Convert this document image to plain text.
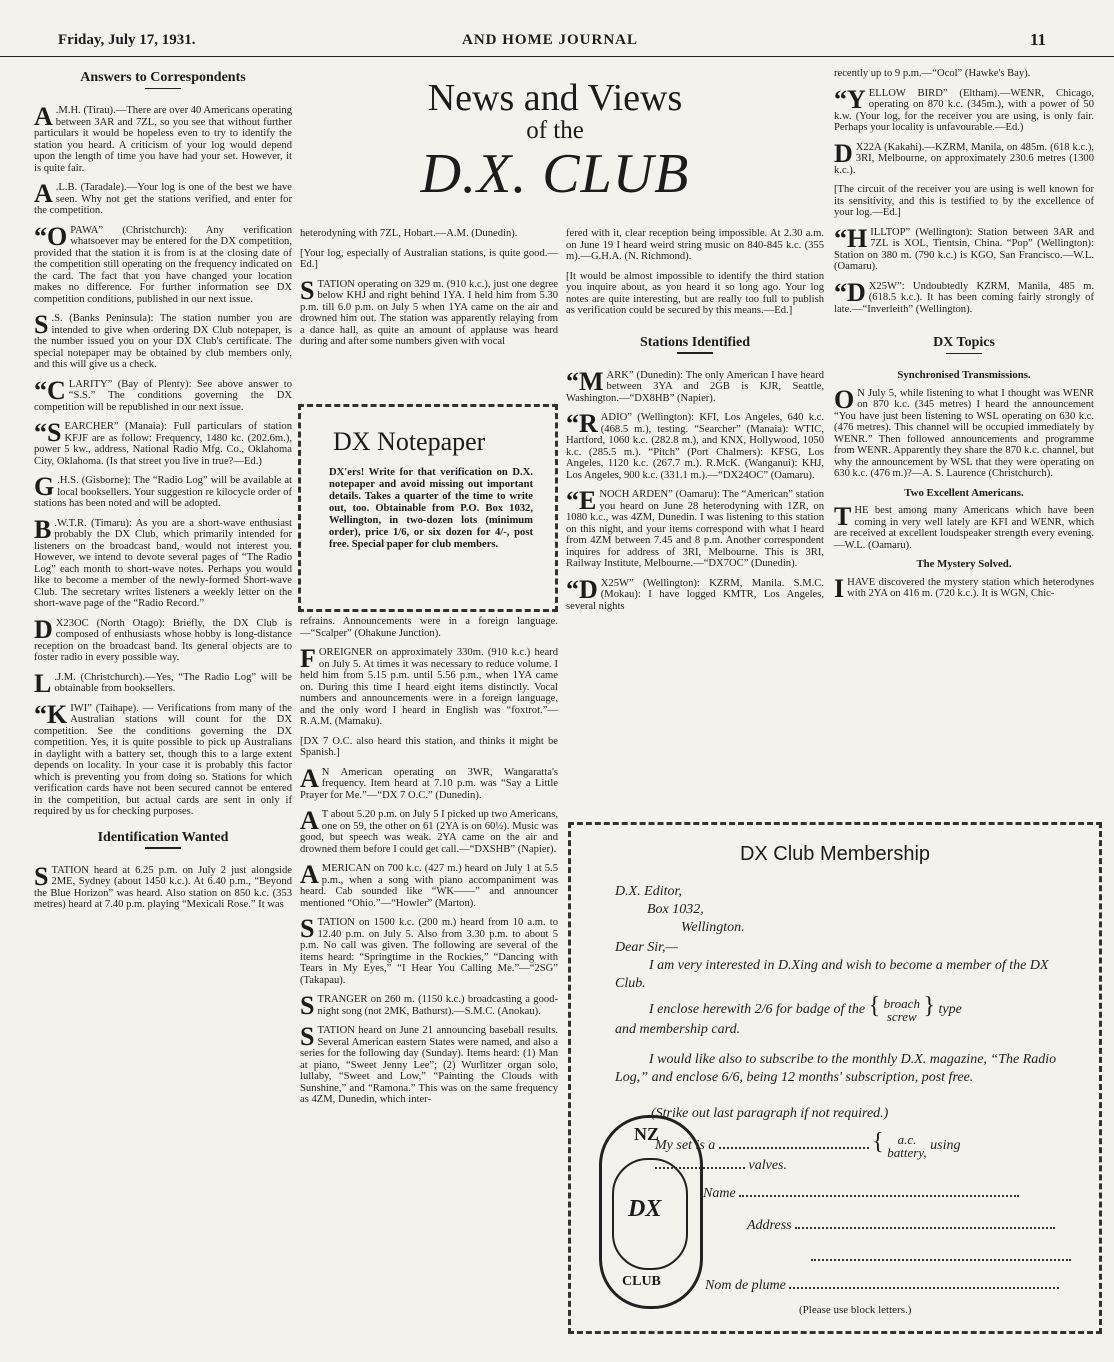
Friday, July 17, 1931.	AND HOME JOURNAL	11
News and Views
of the
D.X. CLUB
Answers to Correspondents

A .M.H. (Tirau).—There are over 40 Americans operating between 3AR and 7ZL, so you see that without further particulars it would be hopeless even to try to identify the station you heard. A criticism of your log would depend upon the length of time you have had your set. However, it is quite fair.

A .L.B. (Taradale).—Your log is one of the best we have seen. Why not get the stations verified, and enter for the competition.

“OPAWA” (Christchurch): Any verification whatsoever may be entered for the DX competition, provided that the station it is from is at the closing date of the competition still operating on the frequency indicated on the card. The fact that you have changed your location makes no difference. For further information see DX competition conditions, published in our next issue.

S .S. (Banks Peninsula): The station number you are intended to give when ordering DX Club notepaper, is the number issued you on your DX Club's certificate. The special notepaper may be obtained by club members only, and this will give us a check.

“CLARITY” (Bay of Plenty): See above answer to “S.S.” The conditions governing the DX competition will be republished in our next issue.

“SEARCHER” (Manaia): Full particulars of station KFJF are as follow: Frequency, 1480 kc. (202.6m.), power 5 kw., address, National Radio Mfg. Co., Oklahoma City, Oklahoma. (Is that street you live in true?—Ed.)

G .H.S. (Gisborne): The “Radio Log” will be available at local booksellers. Your suggestion re kilocycle order of stations has been noted and will be adopted.

B .W.T.R. (Timaru): As you are a short-wave enthusiast probably the DX Club, which primarily intended for listeners on the broadcast band, would not interest you. However, we intend to devote several pages of “The Radio Log” each month to short-wave notes. Perhaps you would like to become a member of the newly-formed Short-wave Club. The secretary writes listeners a weekly letter on the short-wave page of the “Radio Record.”

D X23OC (North Otago): Briefly, the DX Club is composed of enthusiasts whose hobby is long-distance reception on the broadcast band. Its general objects are to foster radio in every possible way.

L .J.M. (Christchurch).—Yes, “The Radio Log” will be obtainable from booksellers.

“KIWI” (Taihape). — Verifications from many of the Australian stations will count for the DX competition. See the conditions governing the DX competition. Yes, it is quite possible to pick up Australians in daylight with a battery set, though this to a large extent depends on locality. In your case it is probably this factor which is preventing you from doing so. Stations for which verification cards have not been secured cannot be entered in the competition, but actual cards are sent in only if required by us for checking purposes.

Identification Wanted

STATION heard at 6.25 p.m. on July 2 just alongside 2ME, Sydney (about 1450 k.c.). At 6.40 p.m., “Beyond the Blue Horizon” was heard. Also station on 850 k.c. (353 metres) heard at 7.40 p.m. playing “Mexicali Rose.” It was

heterodyning with 7ZL, Hobart.—A.M. (Dunedin).

[Your log, especially of Australian stations, is quite good.—Ed.]

STATION operating on 329 m. (910 k.c.), just one degree below KHJ and right behind 1YA. I held him from 5.30 p.m. till 6.0 p.m. on July 5 when 1YA came on the air and drowned him out. The station was apparently relaying from a dance hall, as quite an amount of applause was heard during and after some numbers given with vocal

refrains. Announcements were in a foreign language.—“Scalper” (Ohakune Junction).

FOREIGNER on approximately 330m. (910 k.c.) heard on July 5. At times it was necessary to reduce volume. I held him from 5.15 p.m. until 5.56 p.m., when 1YA came on. During this time I heard eight items distinctly. Vocal numbers and announcements were in a foreign language, and the only word I heard in English was “foxtrot.”—R.A.M. (Mamaku).

[DX 7 O.C. also heard this station, and thinks it might be Spanish.]

A N American operating on 3WR, Wangaratta's frequency. Item heard at 7.10 p.m. was “Say a Little Prayer for Me.”—“DX 7 O.C.” (Dunedin).

A T about 5.20 p.m. on July 5 I picked up two Americans, one on 59, the other on 61 (2YA is on 60½). Music was good, but speech was weak. 2YA came on the air and drowned them before I could get call.—“DXSHB” (Napier).

AMERICAN on 700 k.c. (427 m.) heard on July 1 at 5.5 p.m., when a song with piano accompaniment was heard. Cab sounded like “WK——” and announcer mentioned “Ohio.”—“Howler” (Marton).

STATION on 1500 k.c. (200 m.) heard from 10 a.m. to 12.40 p.m. on July 5. Also from 3.30 p.m. to about 5 p.m. No call was given. The following are several of the items heard: “Springtime in the Rockies,” “Dancing with Tears in My Eyes,” “I Hear You Calling Me.”—“2SG” (Takapau).

STRANGER on 260 m. (1150 k.c.) broadcasting a good-night song (not 2MK, Bathurst).—S.M.C. (Anokau).

STATION heard on June 21 announcing baseball results. Several American eastern States were named, and also a series for the following day (Sunday). Items heard: (1) Man at piano, “Sweet Jenny Lee”; (2) Wurlitzer organ solo, lullaby, “Sweet and Low,” “Painting the Clouds with Sunshine,” and “Ramona.” This was on the same frequency as 4ZM, Dunedin, which inter-

DX Notepaper
DX'ers! Write for that verification on D.X. notepaper and avoid missing out important details. Takes a quarter of the time to write out, too. Obtainable from P.O. Box 1032, Wellington, in two-dozen lots (minimum order), price 1/6, or six dozen for 4/-, post free. Special paper for club members.

fered with it, clear reception being impossible. At 2.30 a.m. on June 19 I heard weird string music on 840-845 k.c. (355 m).—G.H.A. (N. Richmond).

[It would be almost impossible to identify the third station you inquire about, as you heard it so long ago. Your log notes are quite interesting, but are really too full to publish as verification could be secured by this means.—Ed.]

Stations Identified

“MARK” (Dunedin): The only American I have heard between 3YA and 2GB is KJR, Seattle, Washington.—“DX8HB” (Napier).

“RADIO” (Wellington): KFI, Los Angeles, 640 k.c. (468.5 m.), testing. “Searcher” (Manaia): WTIC, Hartford, 1060 k.c. (282.8 m.), and KNX, Hollywood, 1050 k.c. (285.5 m.). “Pitch” (Port Chalmers): KFSG, Los Angeles, 1120 k.c. (267.7 m.). R.McK. (Wanganui): KHJ, Los Angeles, 900 k.c. (331.1 m.).—“DX24OC” (Oamaru).

“ENOCH ARDEN” (Oamaru): The “American” station you heard on June 28 heterodyning with 1ZR, on 1080 k.c., was 4ZM, Dunedin. I was listening to this station on this night, and your items correspond with what I heard from 4ZM between 7.45 and 8 p.m. Another correspondent inquires for address of 3RI, Melbourne. This is 3RI, Railway Institute, Melbourne.—“DX7OC” (Dunedin).

“D X25W” (Wellington): KZRM, Manila. S.M.C. (Mokau): I have logged KMTR, Los Angeles, several nights

recently up to 9 p.m.—“Ocol” (Hawke's Bay).

“YELLOW BIRD” (Eltham).—WENR, Chicago, operating on 870 k.c. (345m.), with a power of 50 k.w. (Your log, for the receiver you are using, is only fair. Perhaps your locality is unfavourable.—Ed.)

D X22A (Kakahi).—KZRM, Manila, on 485m. (618 k.c.), 3RI, Melbourne, on approximately 230.6 metres (1300 k.c.).

[The circuit of the receiver you are using is well known for its sensitivity, and this is testified to by the excellence of your log.—Ed.]

“HILLTOP” (Wellington): Station between 3AR and 7ZL is XOL, Tientsin, China. “Pop” (Wellington): Station on 380 m. (790 k.c.) is KGO, San Francisco.—W.L. (Oamaru).

“D X25W”: Undoubtedly KZRM, Manila, 485 m. (618.5 k.c.). It has been coming fairly strongly of late.—“Inverleith” (Wellington).

DX Topics
Synchronised Transmissions.

O N July 5, while listening to what I thought was WENR on 870 k.c. (345 metres) I heard the announcement “You have just been listening to WSL operating on 630 k.c. (476 metres). This channel will be occupied immediately by WENR.” Then followed announcements and programme from WENR. Apparently they share the 870 k.c. channel, but why the announcement by WSL that they were operating on 630 k.c. (476 m.)?—A. S. Laurence (Christchurch).

Two Excellent Americans.

THE best among many Americans which have been coming in very well lately are KFI and WENR, which are received at excellent loudspeaker strength every evening.—W.L. (Oamaru).

The Mystery Solved.

I HAVE discovered the mystery station which heterodynes with 2YA on 416 m. (720 k.c.). It is WGN, Chic-

DX Club Membership
D.X. Editor,
Box 1032,
Wellington.
Dear Sir,—
I am very interested in D.Xing and wish to become a member of the DX Club.
I enclose herewith 2/6 for badge of the { broach
screw } type
and membership card.
I would like also to subscribe to the monthly D.X. magazine, “The Radio Log,” and enclose 6/6, being 12 months' subscription, post free.
(Strike out last paragraph if not required.)
My set is a	{ a.c.
battery, using
valves.
Name
Address
Nom de plume
(Please use block letters.)
NZ
DX
CLUB
